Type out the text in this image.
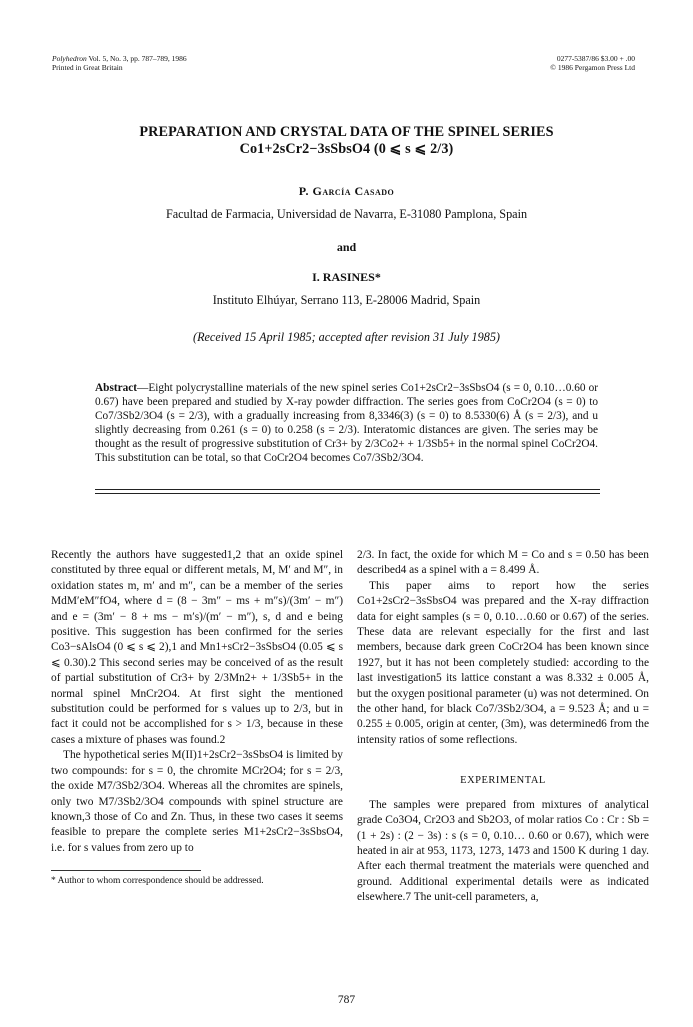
Polyhedron Vol. 5, No. 3, pp. 787–789, 1986
Printed in Great Britain
0277-5387/86 $3.00 + .00
© 1986 Pergamon Press Ltd
PREPARATION AND CRYSTAL DATA OF THE SPINEL SERIES
Co1+2sCr2−3sSbsO4 (0 ⩽ s ⩽ 2/3)
P. García Casado
Facultad de Farmacia, Universidad de Navarra, E-31080 Pamplona, Spain
and
I. RASINES*
Instituto Elhúyar, Serrano 113, E-28006 Madrid, Spain
(Received 15 April 1985; accepted after revision 31 July 1985)
Abstract—Eight polycrystalline materials of the new spinel series Co1+2sCr2−3sSbsO4 (s = 0, 0.10…0.60 or 0.67) have been prepared and studied by X-ray powder diffraction. The series goes from CoCr2O4 (s = 0) to Co7/3Sb2/3O4 (s = 2/3), with a gradually increasing from 8,3346(3) (s = 0) to 8.5330(6) Å (s = 2/3), and u slightly decreasing from 0.261 (s = 0) to 0.258 (s = 2/3). Interatomic distances are given. The series may be thought as the result of progressive substitution of Cr3+ by 2/3Co2+ + 1/3Sb5+ in the normal spinel CoCr2O4. This substitution can be total, so that CoCr2O4 becomes Co7/3Sb2/3O4.

Recently the authors have suggested1,2 that an oxide spinel constituted by three equal or different metals, M, M′ and M″, in oxidation states m, m′ and m″, can be a member of the series MdM′eM″fO4, where d = (8 − 3m″ − ms + m″s)/(3m′ − m″) and e = (3m′ − 8 + ms − m′s)/(m′ − m″), s, d and e being positive. This suggestion has been confirmed for the series Co3−sAlsO4 (0 ⩽ s ⩽ 2),1 and Mn1+sCr2−3sSbsO4 (0.05 ⩽ s ⩽ 0.30).2 This second series may be conceived of as the result of partial substitution of Cr3+ by 2/3Mn2+ + 1/3Sb5+ in the normal spinel MnCr2O4. At first sight the mentioned substitution could be performed for s values up to 2/3, but in fact it could not be accomplished for s > 1/3, because in these cases a mixture of phases was found.2

The hypothetical series M(II)1+2sCr2−3sSbsO4 is limited by two compounds: for s = 0, the chromite MCr2O4; for s = 2/3, the oxide M7/3Sb2/3O4. Whereas all the chromites are spinels, only two M7/3Sb2/3O4 compounds with spinel structure are known,3 those of Co and Zn. Thus, in these two cases it seems feasible to prepare the complete series M1+2sCr2−3sSbsO4, i.e. for s values from zero up to

* Author to whom correspondence should be addressed.

2/3. In fact, the oxide for which M = Co and s = 0.50 has been described4 as a spinel with a = 8.499 Å.

This paper aims to report how the series Co1+2sCr2−3sSbsO4 was prepared and the X-ray diffraction data for eight samples (s = 0, 0.10…0.60 or 0.67) of the series. These data are relevant especially for the first and last members, because dark green CoCr2O4 has been known since 1927, but it has not been completely studied: according to the last investigation5 its lattice constant a was 8.332 ± 0.005 Å, but the oxygen positional parameter (u) was not determined. On the other hand, for black Co7/3Sb2/3O4, a = 9.523 Å; and u = 0.255 ± 0.005, origin at center, (3m), was determined6 from the intensity ratios of some reflections.

EXPERIMENTAL

The samples were prepared from mixtures of analytical grade Co3O4, Cr2O3 and Sb2O3, of molar ratios Co : Cr : Sb = (1 + 2s) : (2 − 3s) : s (s = 0, 0.10… 0.60 or 0.67), which were heated in air at 953, 1173, 1273, 1473 and 1500 K during 1 day. After each thermal treatment the materials were quenched and ground. Additional experimental details were as indicated elsewhere.7 The unit-cell parameters, a,

787
